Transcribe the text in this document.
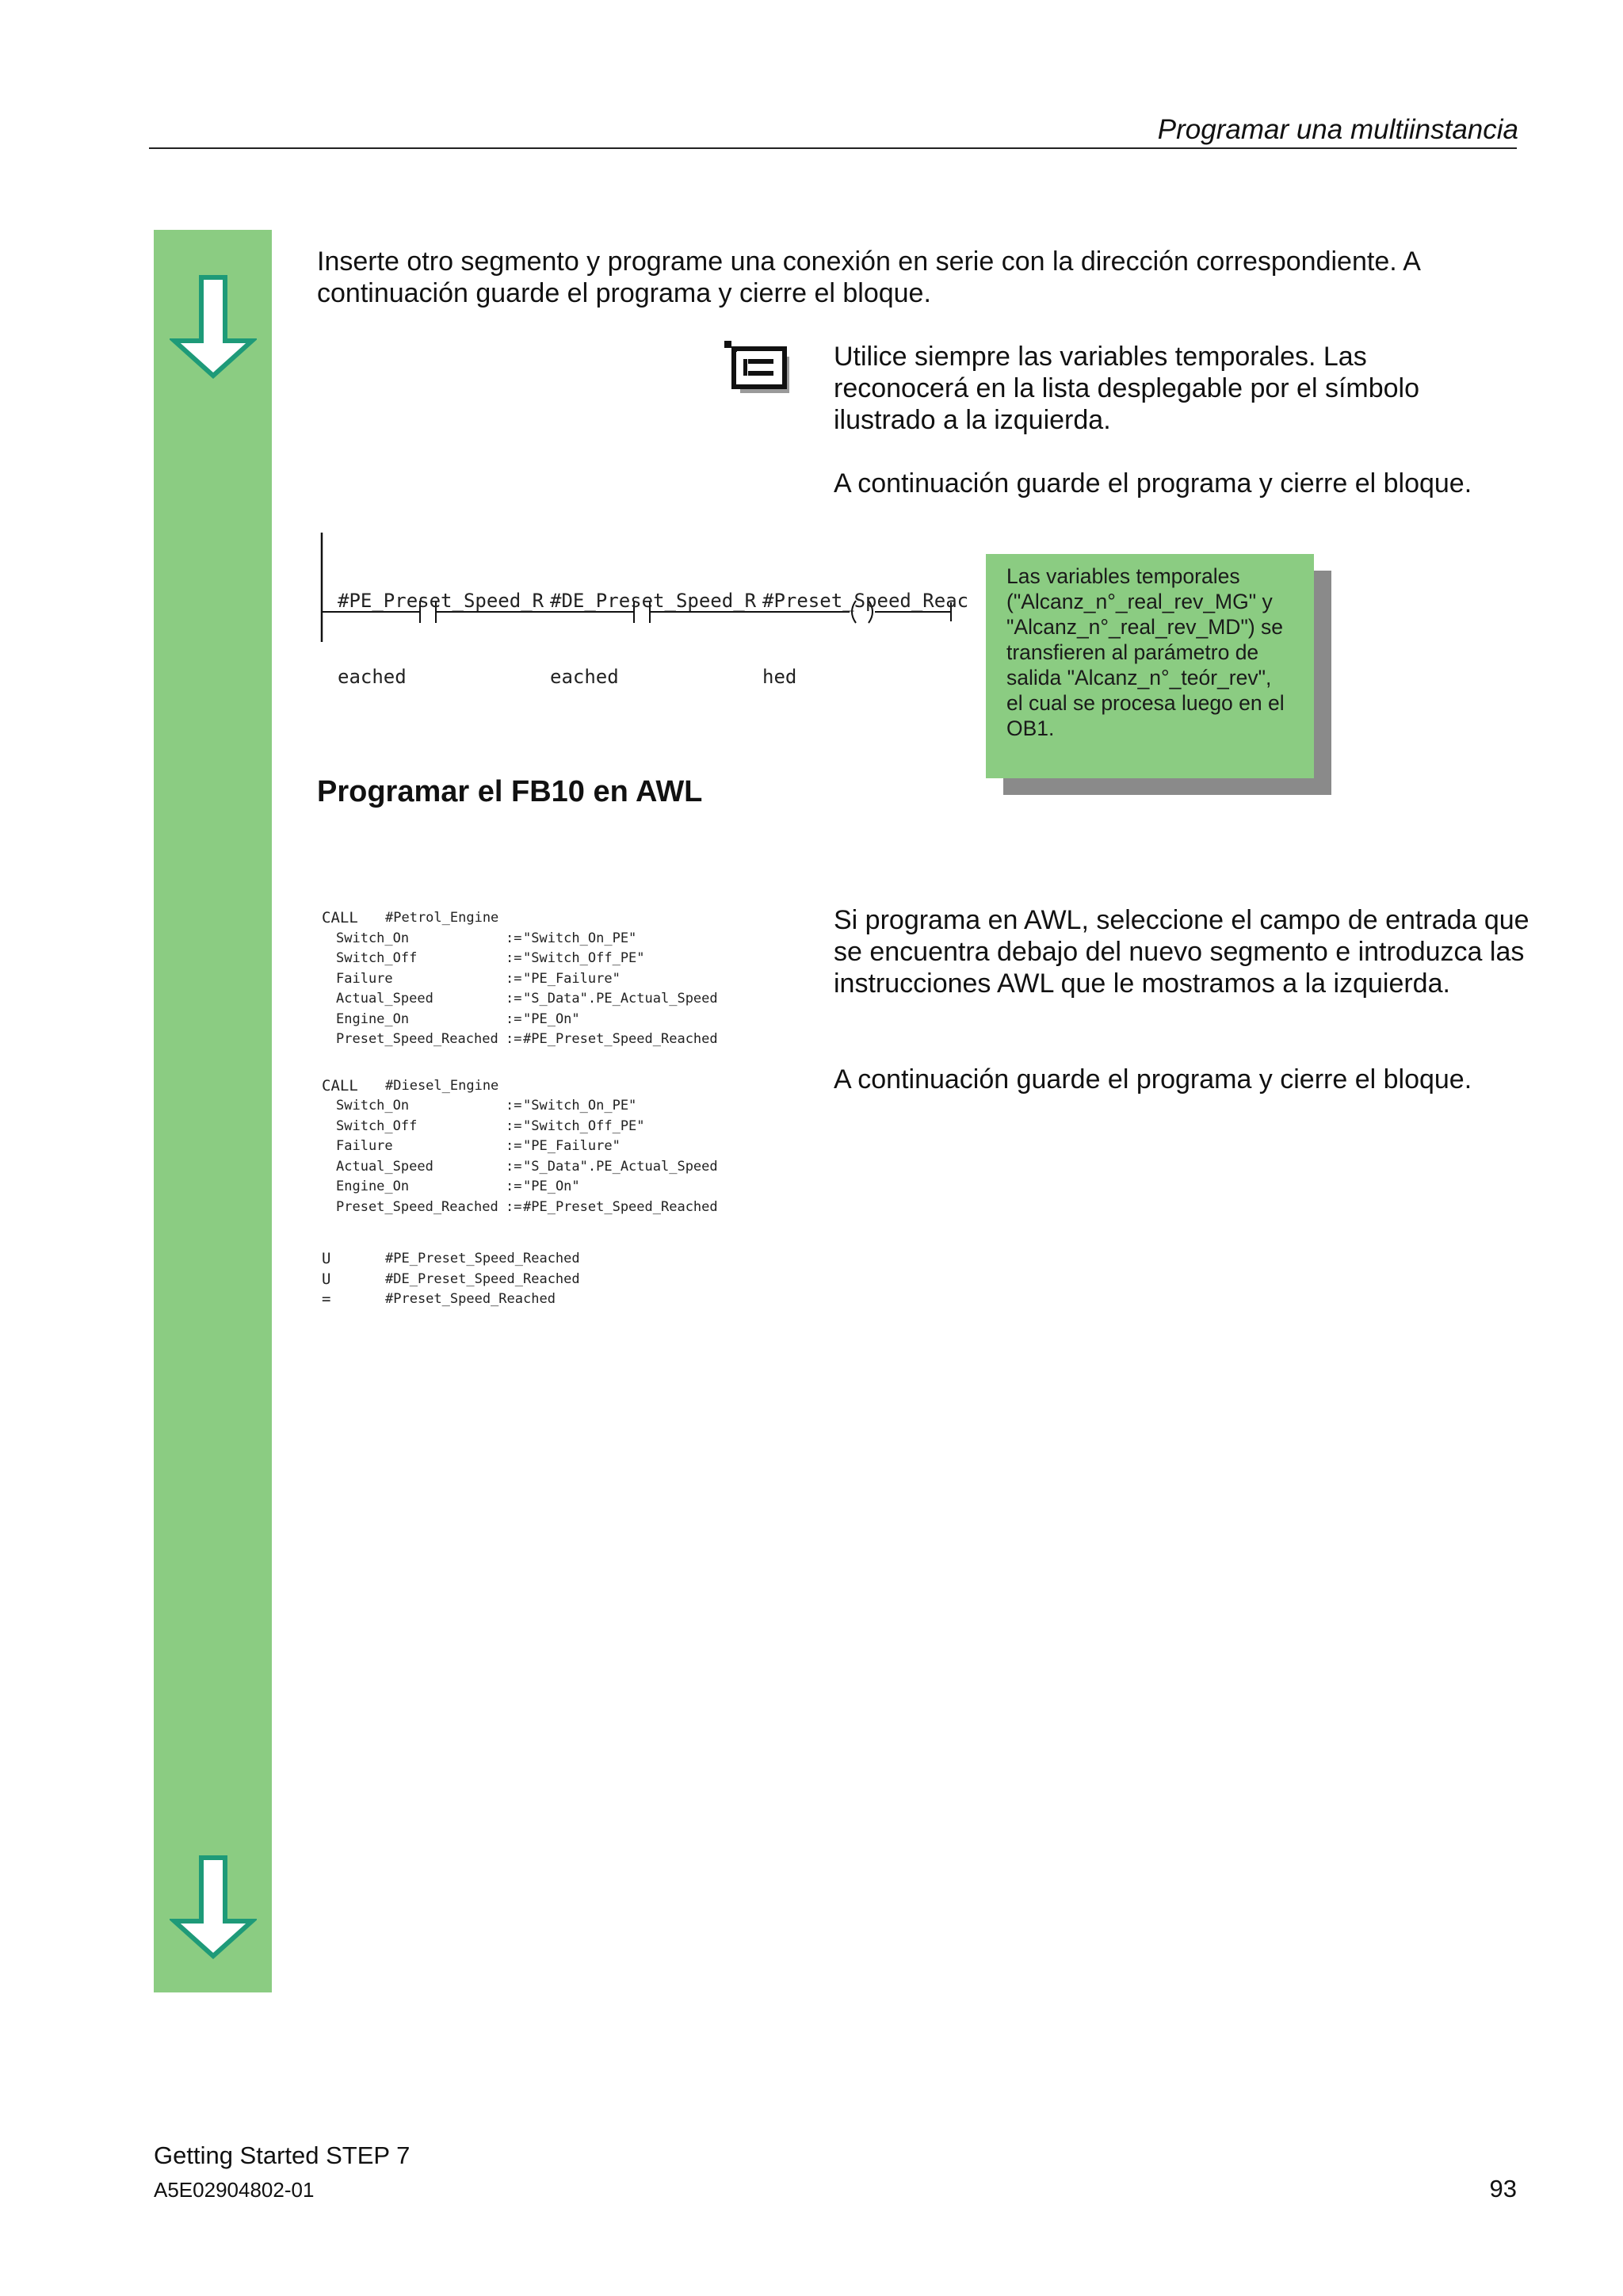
Programar una multiinstancia
Inserte otro segmento y programe una conexión en serie con la dirección correspondiente. A continuación guarde el programa y cierre el bloque.
Utilice siempre las variables temporales. Las reconocerá en la lista desplegable por el símbolo ilustrado a la izquierda.
A continuación guarde el programa y cierre el bloque.

#PE_Preset_Speed_R

eached

#DE_Preset_Speed_R

eached

#Preset_Speed_Reac

hed

Las variables temporales ("Alcanz_n°_real_rev_MG" y "Alcanz_n°_real_rev_MD") se transfieren al parámetro de salida "Alcanz_n°_teór_rev", el cual se procesa luego en el OB1.
Programar el FB10 en AWL
CALL	#Petrol_Engine
Switch_On	:= "Switch_On_PE"
Switch_Off	:= "Switch_Off_PE"
Failure	:= "PE_Failure"
Actual_Speed	:= "S_Data".PE_Actual_Speed
Engine_On	:= "PE_On"
Preset_Speed_Reached := #PE_Preset_Speed_Reached
CALL	#Diesel_Engine
Switch_On	:= "Switch_On_PE"
Switch_Off	:= "Switch_Off_PE"
Failure	:= "PE_Failure"
Actual_Speed	:= "S_Data".PE_Actual_Speed
Engine_On	:= "PE_On"
Preset_Speed_Reached := #PE_Preset_Speed_Reached
U	#PE_Preset_Speed_Reached
U	#DE_Preset_Speed_Reached
=	#Preset_Speed_Reached
Si programa en AWL, seleccione el campo de entrada que se encuentra debajo del nuevo segmento e introduzca las instrucciones AWL que le mostramos a la izquierda.
A continuación guarde el programa y cierre el bloque.
Getting Started STEP 7
A5E02904802-01	93
